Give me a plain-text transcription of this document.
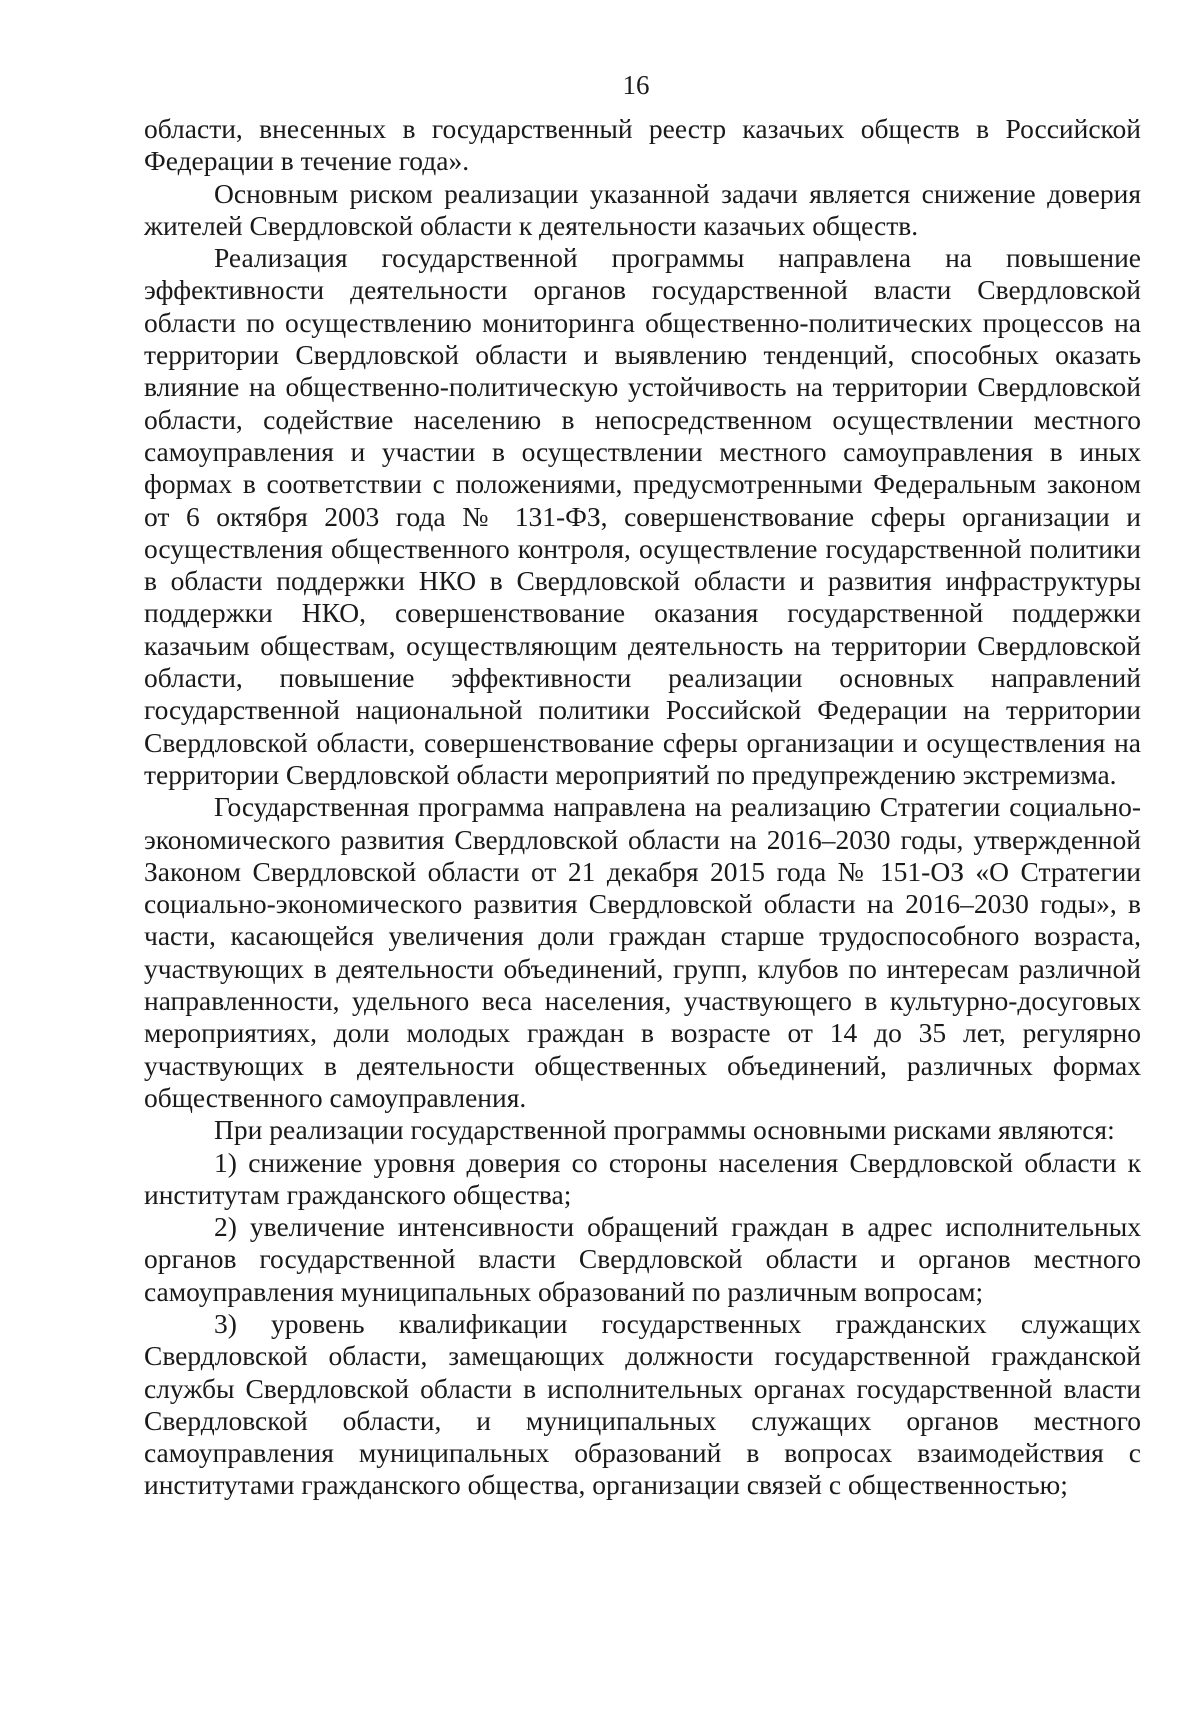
16

области, внесенных в государственный реестр казачьих обществ в Российской Федерации в течение года».

Основным риском реализации указанной задачи является снижение доверия жителей Свердловской области к деятельности казачьих обществ.

Реализация государственной программы направлена на повышение эффективности деятельности органов государственной власти Свердловской области по осуществлению мониторинга общественно-политических процессов на территории Свердловской области и выявлению тенденций, способных оказать влияние на общественно-политическую устойчивость на территории Свердловской области, содействие населению в непосредственном осуществлении местного самоуправления и участии в осуществлении местного самоуправления в иных формах в соответствии с положениями, предусмотренными Федеральным законом от 6 октября 2003 года № 131-ФЗ, совершенствование сферы организации и осуществления общественного контроля, осуществление государственной политики в области поддержки НКО в Свердловской области и развития инфраструктуры поддержки НКО, совершенствование оказания государственной поддержки казачьим обществам, осуществляющим деятельность на территории Свердловской области, повышение эффективности реализации основных направлений государственной национальной политики Российской Федерации на территории Свердловской области, совершенствование сферы организации и осуществления на территории Свердловской области мероприятий по предупреждению экстремизма.

Государственная программа направлена на реализацию Стратегии социально-экономического развития Свердловской области на 2016–2030 годы, утвержденной Законом Свердловской области от 21 декабря 2015 года № 151-ОЗ «О Стратегии социально-экономического развития Свердловской области на 2016–2030 годы», в части, касающейся увеличения доли граждан старше трудоспособного возраста, участвующих в деятельности объединений, групп, клубов по интересам различной направленности, удельного веса населения, участвующего в культурно-досуговых мероприятиях, доли молодых граждан в возрасте от 14 до 35 лет, регулярно участвующих в деятельности общественных объединений, различных формах общественного самоуправления.

При реализации государственной программы основными рисками являются:

1) снижение уровня доверия со стороны населения Свердловской области к институтам гражданского общества;

2) увеличение интенсивности обращений граждан в адрес исполнительных органов государственной власти Свердловской области и органов местного самоуправления муниципальных образований по различным вопросам;

3) уровень квалификации государственных гражданских служащих Свердловской области, замещающих должности государственной гражданской службы Свердловской области в исполнительных органах государственной власти Свердловской области, и муниципальных служащих органов местного самоуправления муниципальных образований в вопросах взаимодействия с институтами гражданского общества, организации связей с общественностью;
